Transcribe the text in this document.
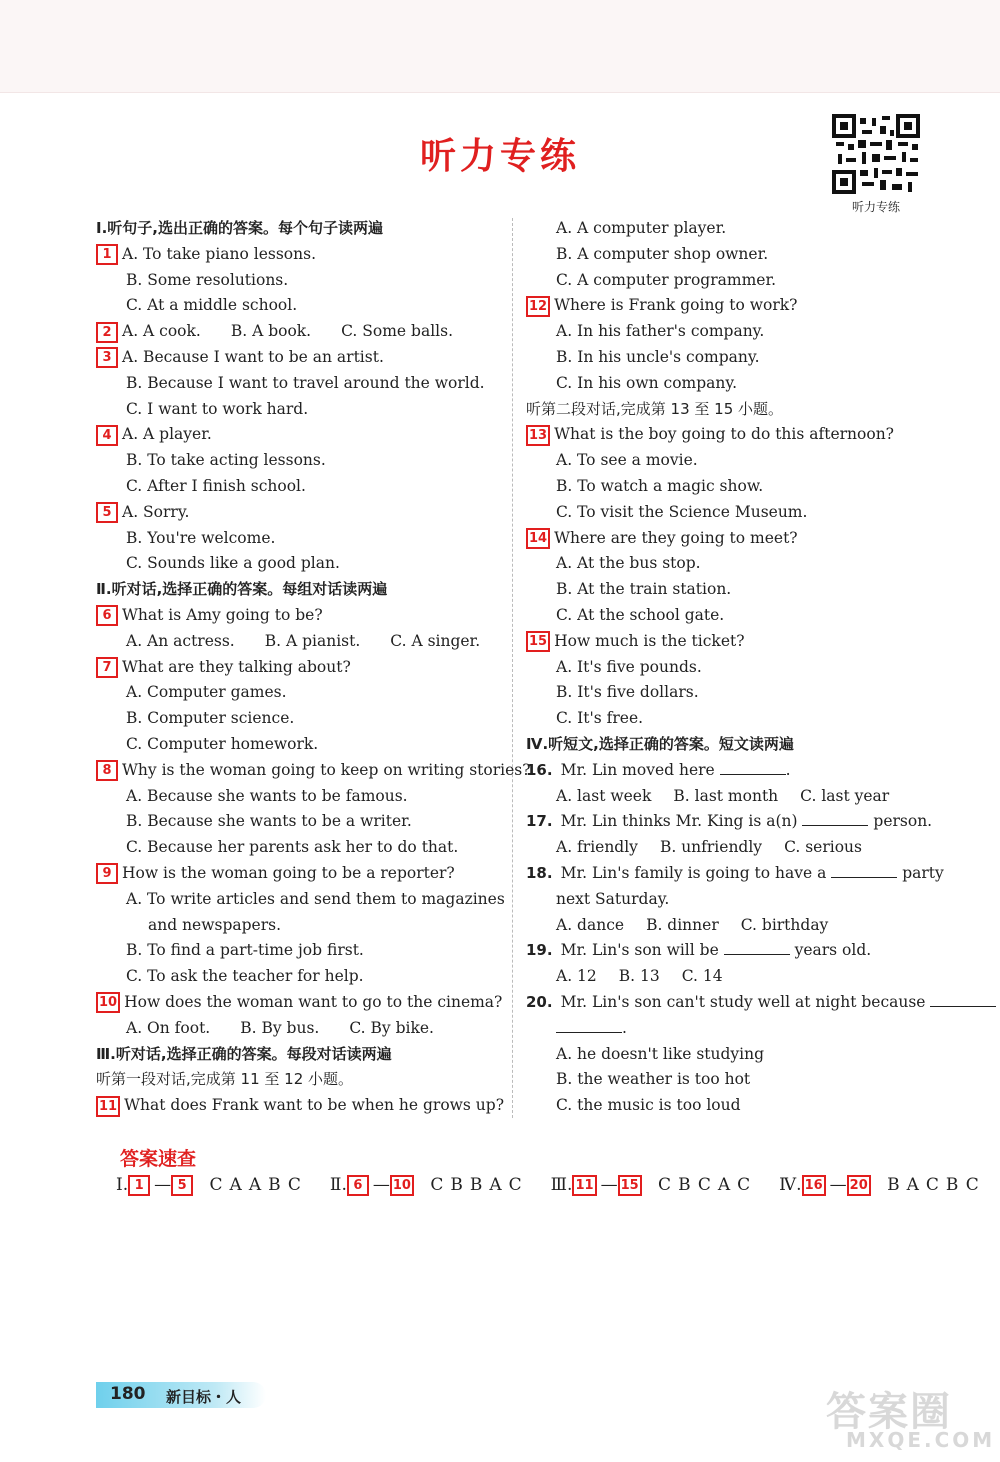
听力专练
听力专练
Ⅰ.听句子,选出正确的答案。每个句子读两遍
1 A. To take piano lessons.
B. Some resolutions.
C. At a middle school.
2 A. A cook. B. A book. C. Some balls.
3 A. Because I want to be an artist.
B. Because I want to travel around the world.
C. I want to work hard.
4 A. A player.
B. To take acting lessons.
C. After I finish school.
5 A. Sorry.
B. You're welcome.
C. Sounds like a good plan.
Ⅱ.听对话,选择正确的答案。每组对话读两遍
6 What is Amy going to be?
A. An actress. B. A pianist. C. A singer.
7 What are they talking about?
A. Computer games.
B. Computer science.
C. Computer homework.
8 Why is the woman going to keep on writing stories?
A. Because she wants to be famous.
B. Because she wants to be a writer.
C. Because her parents ask her to do that.
9 How is the woman going to be a reporter?
A. To write articles and send them to magazines
and newspapers.
B. To find a part-time job first.
C. To ask the teacher for help.
10 How does the woman want to go to the cinema?
A. On foot. B. By bus. C. By bike.
Ⅲ.听对话,选择正确的答案。每段对话读两遍
听第一段对话,完成第 11 至 12 小题。
11 What does Frank want to be when he grows up?
A. A computer player.
B. A computer shop owner.
C. A computer programmer.
12 Where is Frank going to work?
A. In his father's company.
B. In his uncle's company.
C. In his own company.
听第二段对话,完成第 13 至 15 小题。
13 What is the boy going to do this afternoon?
A. To see a movie.
B. To watch a magic show.
C. To visit the Science Museum.
14 Where are they going to meet?
A. At the bus stop.
B. At the train station.
C. At the school gate.
15 How much is the ticket?
A. It's five pounds.
B. It's five dollars.
C. It's free.
Ⅳ.听短文,选择正确的答案。短文读两遍
16. Mr. Lin moved here	.
A. last week B. last month C. last year
17. Mr. Lin thinks Mr. King is a(n)	person.
A. friendly B. unfriendly C. serious
18. Mr. Lin's family is going to have a	party
next Saturday.
A. dance B. dinner C. birthday
19. Mr. Lin's son will be	years old.
A. 12 B. 13 C. 14
20. Mr. Lin's son can't study well at night because
.
A. he doesn't like studying
B. the weather is too hot
C. the music is too loud
答案速查
Ⅰ. 1 — 5 CAABC Ⅱ. 6 — 10 CBBAC Ⅲ. 11 — 15 CBCAC Ⅳ. 16 — 20 BACBC
180 新目标・人	答案圈
MXQE.COM
